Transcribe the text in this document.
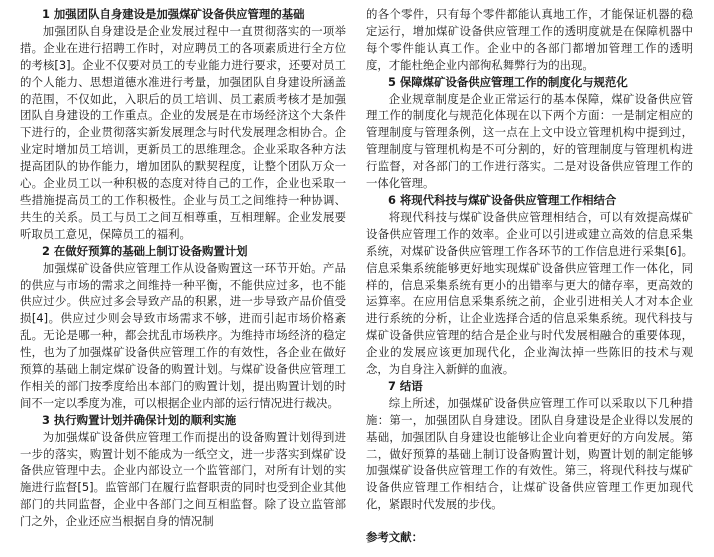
1 加强团队自身建设是加强煤矿设备供应管理的基础

加强团队自身建设是企业发展过程中一直贯彻落实的一项举措。企业在进行招聘工作时，对应聘员工的各项素质进行全方位的考核[3]。企业不仅要对员工的专业能力进行要求，还要对员工的个人能力、思想道德水准进行考量，加强团队自身建设所涵盖的范围，不仅如此，入职后的员工培训、员工素质考核才是加强团队自身建设的工作重点。企业的发展是在市场经济这个大条件下进行的，企业贯彻落实新发展理念与时代发展理念相协合。企业定时增加员工培训，更新员工的思维理念。企业采取各种方法提高团队的协作能力，增加团队的默契程度，让整个团队万众一心。企业员工以一种积极的态度对待自己的工作，企业也采取一些措施提高员工的工作积极性。企业与员工之间维持一种协调、共生的关系。员工与员工之间互相尊重，互相理解。企业发展要听取员工意见，保障员工的福利。

2 在做好预算的基础上制订设备购置计划

加强煤矿设备供应管理工作从设备购置这一环节开始。产品的供应与市场的需求之间维持一种平衡，不能供应过多，也不能供应过少。供应过多会导致产品的积累，进一步导致产品价值受损[4]。供应过少则会导致市场需求不够，进而引起市场价格紊乱。无论是哪一种，都会扰乱市场秩序。为维持市场经济的稳定性，也为了加强煤矿设备供应管理工作的有效性，各企业在做好预算的基础上制定煤矿设备的购置计划。与煤矿设备供应管理工作相关的部门按季度给出本部门的购置计划，提出购置计划的时间不一定以季度为准，可以根据企业内部的运行情况进行裁决。

3 执行购置计划并确保计划的顺利实施

为加强煤矿设备供应管理工作而提出的设备购置计划得到进一步的落实，购置计划不能成为一纸空文，进一步落实到煤矿设备供应管理中去。企业内部设立一个监管部门，对所有计划的实施进行监督[5]。监管部门在履行监督职责的同时也受到企业其他部门的共同监督，企业中各部门之间互相监督。除了设立监管部门之外，企业还应当根据自身的情况制

的各个零件，只有每个零件都能认真地工作，才能保证机器的稳定运行，增加煤矿设备供应管理工作的透明度就是在保障机器中每个零件能认真工作。企业中的各部门都增加管理工作的透明度，才能杜绝企业内部徇私舞弊行为的出现。

5 保障煤矿设备供应管理工作的制度化与规范化

企业规章制度是企业正常运行的基本保障，煤矿设备供应管理工作的制度化与规范化体现在以下两个方面：一是制定相应的管理制度与管理条例，这一点在上文中设立管理机构中提到过，管理制度与管理机构是不可分割的，好的管理制度与管理机构进行监督，对各部门的工作进行落实。二是对设备供应管理工作的一体化管理。

6 将现代科技与煤矿设备供应管理工作相结合

将现代科技与煤矿设备供应管理相结合，可以有效提高煤矿设备供应管理工作的效率。企业可以引进或建立高效的信息采集系统，对煤矿设备供应管理工作各环节的工作信息进行采集[6]。信息采集系统能够更好地实现煤矿设备供应管理工作一体化，同样的，信息采集系统有更小的出错率与更大的储存率，更高效的运算率。在应用信息采集系统之前，企业引进相关人才对本企业进行系统的分析，让企业选择合适的信息采集系统。现代科技与煤矿设备供应管理的结合是企业与时代发展相融合的重要体现，企业的发展应该更加现代化，企业淘汰掉一些陈旧的技术与观念，为自身注入新鲜的血液。

7 结语

综上所述，加强煤矿设备供应管理工作可以采取以下几种措施：第一，加强团队自身建设。团队自身建设是企业得以发展的基础，加强团队自身建设也能够让企业向着更好的方向发展。第二，做好预算的基础上制订设备购置计划，购置计划的制定能够加强煤矿设备供应管理工作的有效性。第三，将现代科技与煤矿设备供应管理工作相结合，让煤矿设备供应管理工作更加现代化，紧跟时代发展的步伐。

参考文献：
